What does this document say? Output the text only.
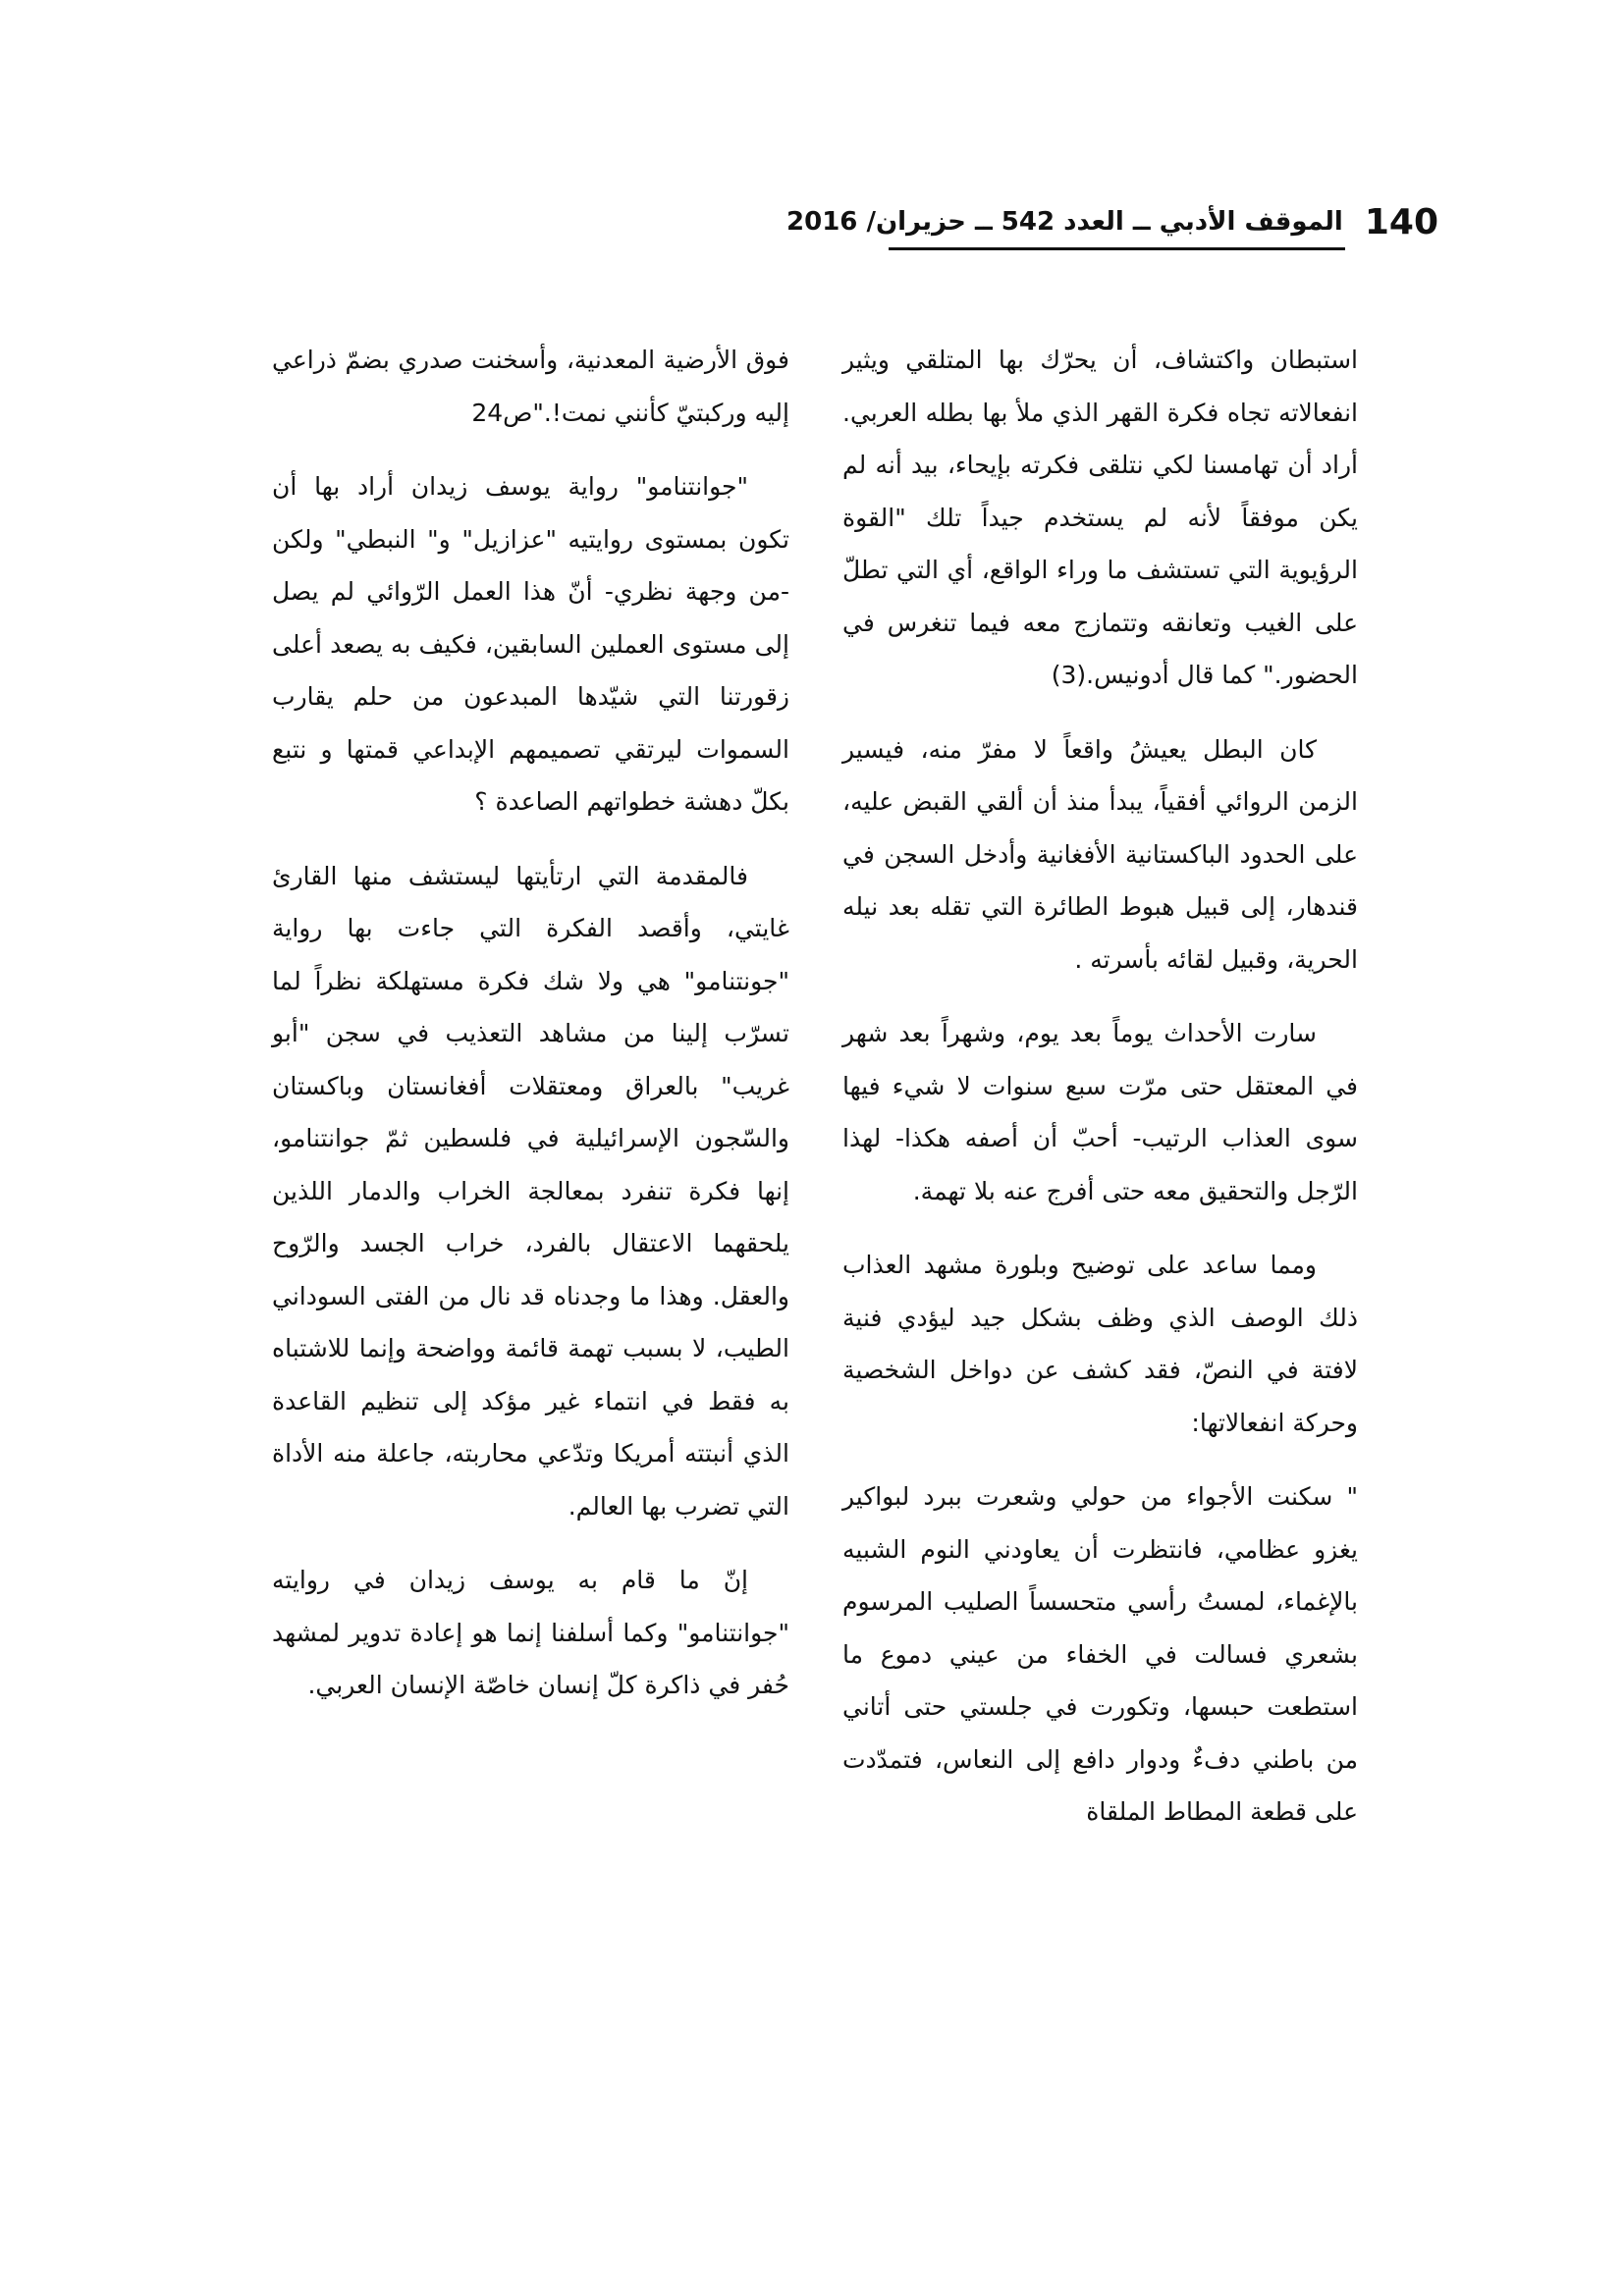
الموقف الأدبي ــ العدد 542 ــ حزيران/ 2016 140

استبطان واكتشاف، أن يحرّك بها المتلقي ويثير انفعالاته تجاه فكرة القهر الذي ملأ بها بطله العربي. أراد أن تهامسنا لكي نتلقى فكرته بإيحاء، بيد أنه لم يكن موفقاً لأنه لم يستخدم جيداً تلك "القوة الرؤيوية التي تستشف ما وراء الواقع، أي التي تطلّ على الغيب وتعانقه وتتمازج معه فيما تنغرس في الحضور." كما قال أدونيس.(3)

كان البطل يعيشُ واقعاً لا مفرّ منه، فيسير الزمن الروائي أفقياً، يبدأ منذ أن ألقي القبض عليه، على الحدود الباكستانية الأفغانية وأدخل السجن في قندهار، إلى قبيل هبوط الطائرة التي تقله بعد نيله الحرية، وقبيل لقائه بأسرته .

سارت الأحداث يوماً بعد يوم، وشهراً بعد شهر في المعتقل حتى مرّت سبع سنوات لا شيء فيها سوى العذاب الرتيب- أحبّ أن أصفه هكذا- لهذا الرّجل والتحقيق معه حتى أفرج عنه بلا تهمة.

ومما ساعد على توضيح وبلورة مشهد العذاب ذلك الوصف الذي وظف بشكل جيد ليؤدي فنية لافتة في النصّ، فقد كشف عن دواخل الشخصية وحركة انفعالاتها:

" سكنت الأجواء من حولي وشعرت ببرد لبواكير يغزو عظامي، فانتظرت أن يعاودني النوم الشبيه بالإغماء، لمستُ رأسي متحسساً الصليب المرسوم بشعري فسالت في الخفاء من عيني دموع ما استطعت حبسها، وتكورت في جلستي حتى أتاني من باطني دفءٌ ودوار دافع إلى النعاس، فتمدّدت على قطعة المطاط الملقاة

فوق الأرضية المعدنية، وأسخنت صدري بضمّ ذراعي إليه وركبتيّ كأنني نمت!."ص24

"جوانتنامو" رواية يوسف زيدان أراد بها أن تكون بمستوى روايتيه "عزازيل" و" النبطي" ولكن -من وجهة نظري- أنّ هذا العمل الرّوائي لم يصل إلى مستوى العملين السابقين، فكيف به يصعد أعلى زقورتنا التي شيّدها المبدعون من حلم يقارب السموات ليرتقي تصميمهم الإبداعي قمتها و نتبع بكلّ دهشة خطواتهم الصاعدة ؟

فالمقدمة التي ارتأيتها ليستشف منها القارئ غايتي، وأقصد الفكرة التي جاءت بها رواية "جونتنامو" هي ولا شك فكرة مستهلكة نظراً لما تسرّب إلينا من مشاهد التعذيب في سجن "أبو غريب" بالعراق ومعتقلات أفغانستان وباكستان والسّجون الإسرائيلية في فلسطين ثمّ جوانتنامو، إنها فكرة تنفرد بمعالجة الخراب والدمار اللذين يلحقهما الاعتقال بالفرد، خراب الجسد والرّوح والعقل. وهذا ما وجدناه قد نال من الفتى السوداني الطيب، لا بسبب تهمة قائمة وواضحة وإنما للاشتباه به فقط في انتماء غير مؤكد إلى تنظيم القاعدة الذي أنبتته أمريكا وتدّعي محاربته، جاعلة منه الأداة التي تضرب بها العالم.

إنّ ما قام به يوسف زيدان في روايته "جوانتنامو" وكما أسلفنا إنما هو إعادة تدوير لمشهد حُفر في ذاكرة كلّ إنسان خاصّة الإنسان العربي.
